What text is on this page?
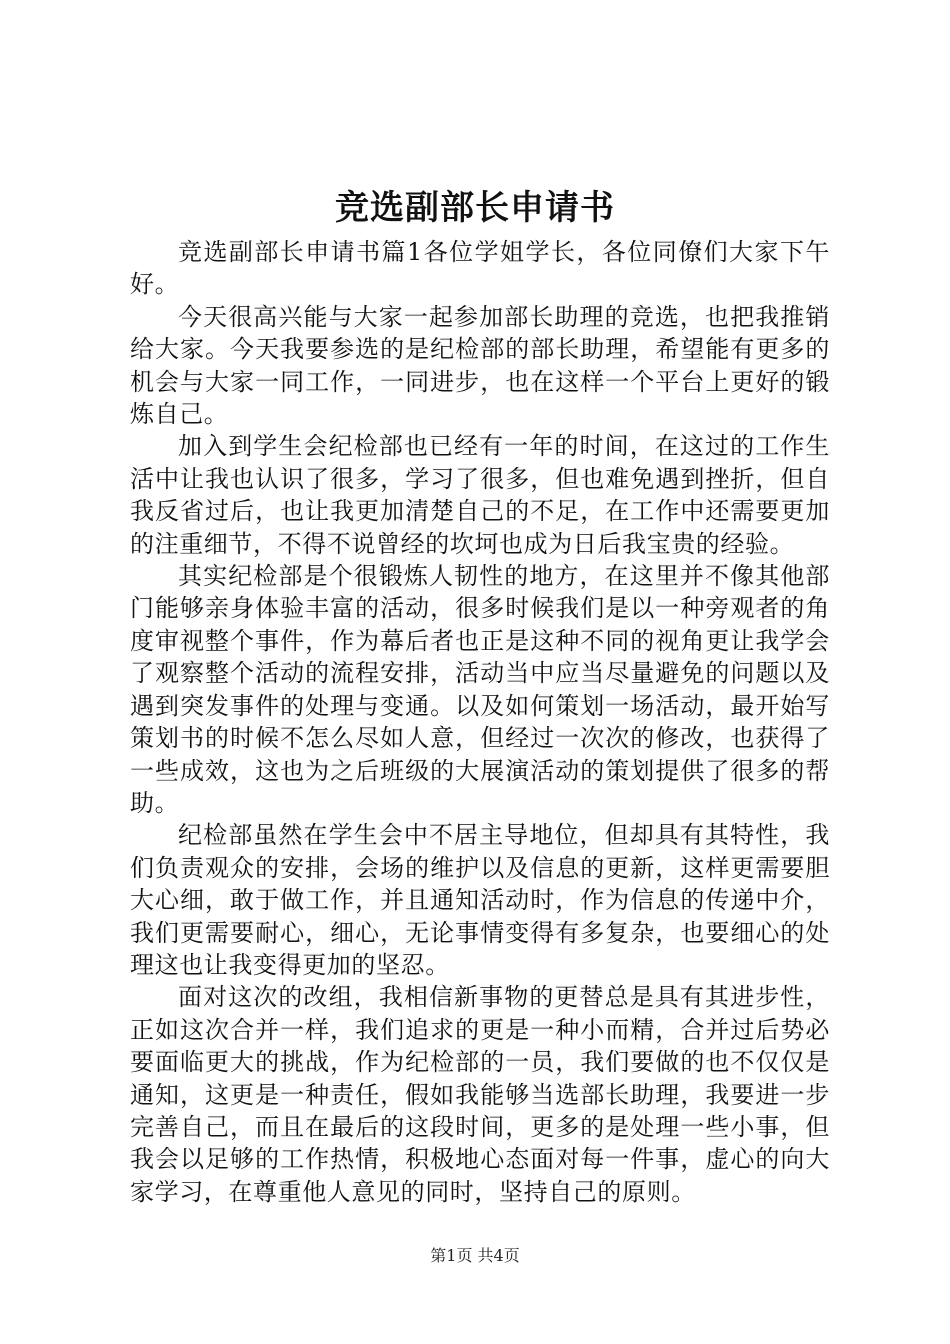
竞选副部长申请书

竞选副部长申请书篇1各位学姐学长，各位同僚们大家下午好。

今天很高兴能与大家一起参加部长助理的竞选，也把我推销给大家。今天我要参选的是纪检部的部长助理，希望能有更多的机会与大家一同工作，一同进步，也在这样一个平台上更好的锻炼自己。

加入到学生会纪检部也已经有一年的时间，在这过的工作生活中让我也认识了很多，学习了很多，但也难免遇到挫折，但自我反省过后，也让我更加清楚自己的不足，在工作中还需要更加的注重细节，不得不说曾经的坎坷也成为日后我宝贵的经验。

其实纪检部是个很锻炼人韧性的地方，在这里并不像其他部门能够亲身体验丰富的活动，很多时候我们是以一种旁观者的角度审视整个事件，作为幕后者也正是这种不同的视角更让我学会了观察整个活动的流程安排，活动当中应当尽量避免的问题以及遇到突发事件的处理与变通。以及如何策划一场活动，最开始写策划书的时候不怎么尽如人意，但经过一次次的修改，也获得了一些成效，这也为之后班级的大展演活动的策划提供了很多的帮助。

纪检部虽然在学生会中不居主导地位，但却具有其特性，我们负责观众的安排，会场的维护以及信息的更新，这样更需要胆大心细，敢于做工作，并且通知活动时，作为信息的传递中介，我们更需要耐心，细心，无论事情变得有多复杂，也要细心的处理这也让我变得更加的坚忍。

面对这次的改组，我相信新事物的更替总是具有其进步性，正如这次合并一样，我们追求的更是一种小而精，合并过后势必要面临更大的挑战，作为纪检部的一员，我们要做的也不仅仅是通知，这更是一种责任，假如我能够当选部长助理，我要进一步完善自己，而且在最后的这段时间，更多的是处理一些小事，但我会以足够的工作热情，积极地心态面对每一件事，虚心的向大家学习，在尊重他人意见的同时，坚持自己的原则。

第1页 共4页
